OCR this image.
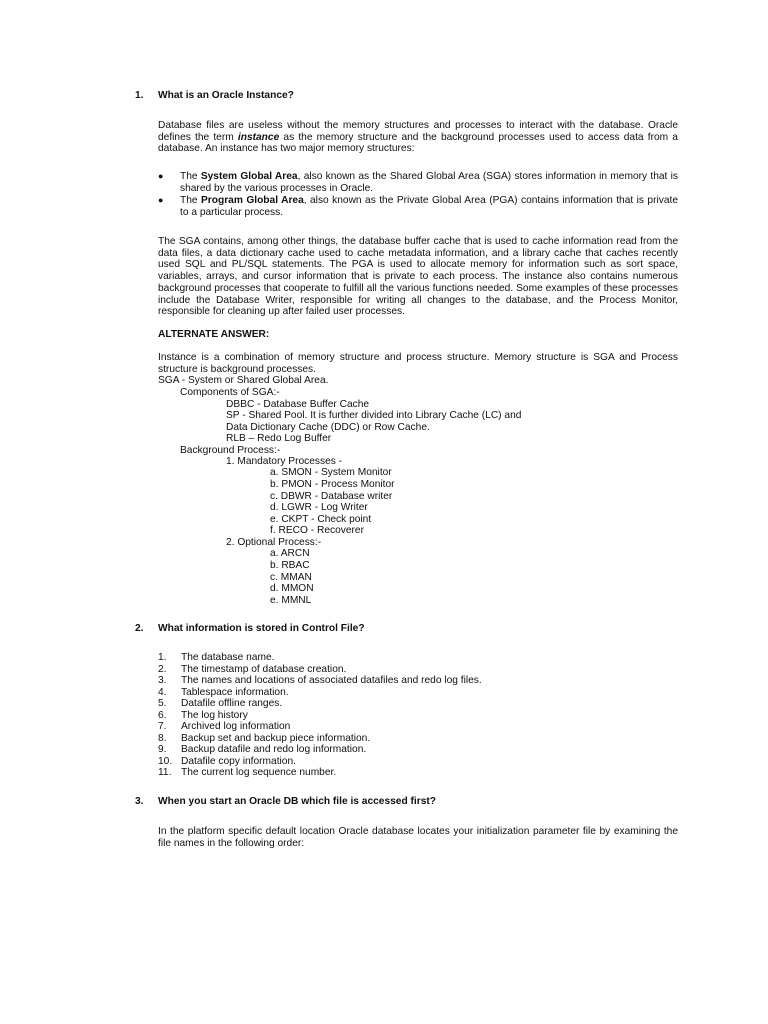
1. What is an Oracle Instance?
Database files are useless without the memory structures and processes to interact with the database. Oracle defines the term instance as the memory structure and the background processes used to access data from a database. An instance has two major memory structures:
● The System Global Area, also known as the Shared Global Area (SGA) stores information in memory that is shared by the various processes in Oracle.
● The Program Global Area, also known as the Private Global Area (PGA) contains information that is private to a particular process.
The SGA contains, among other things, the database buffer cache that is used to cache information read from the data files, a data dictionary cache used to cache metadata information, and a library cache that caches recently used SQL and PL/SQL statements. The PGA is used to allocate memory for information such as sort space, variables, arrays, and cursor information that is private to each process. The instance also contains numerous background processes that cooperate to fulfill all the various functions needed. Some examples of these processes include the Database Writer, responsible for writing all changes to the database, and the Process Monitor, responsible for cleaning up after failed user processes.
ALTERNATE ANSWER:
Instance is a combination of memory structure and process structure. Memory structure is SGA and Process structure is background processes.
SGA - System or Shared Global Area.
Components of SGA:-
DBBC - Database Buffer Cache
SP - Shared Pool. It is further divided into Library Cache (LC) and
Data Dictionary Cache (DDC) or Row Cache.
RLB – Redo Log Buffer
Background Process:-
1. Mandatory Processes -
a. SMON - System Monitor
b. PMON - Process Monitor
c. DBWR - Database writer
d. LGWR - Log Writer
e. CKPT - Check point
f. RECO - Recoverer
2. Optional Process:-
a. ARCN
b. RBAC
c. MMAN
d. MMON
e. MMNL
2. What information is stored in Control File?
1. The database name.
2. The timestamp of database creation.
3. The names and locations of associated datafiles and redo log files.
4. Tablespace information.
5. Datafile offline ranges.
6. The log history
7. Archived log information
8. Backup set and backup piece information.
9. Backup datafile and redo log information.
10. Datafile copy information.
11. The current log sequence number.
3. When you start an Oracle DB which file is accessed first?
In the platform specific default location Oracle database locates your initialization parameter file by examining the file names in the following order:
